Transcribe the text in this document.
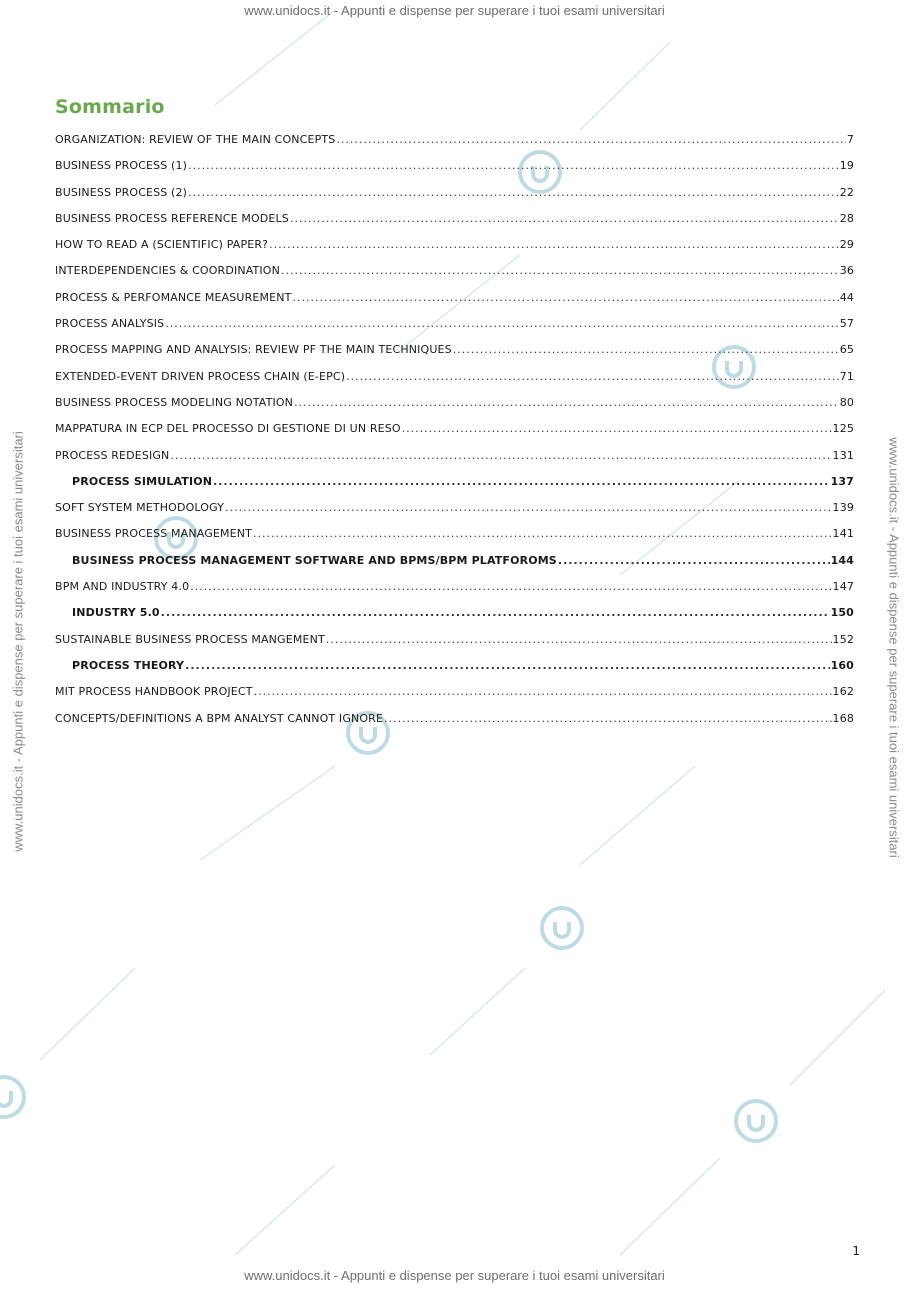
www.unidocs.it - Appunti e dispense per superare i tuoi esami universitari
www.unidocs.it - Appunti e dispense per superare i tuoi esami universitari
www.unidocs.it - Appunti e dispense per superare i tuoi esami universitari	www.unidocs.it - Appunti e dispense per superare i tuoi esami universitari
Sommario
ORGANIZATION: REVIEW OF THE MAIN CONCEPTS .....	7
BUSINESS PROCESS (1) .....	19
BUSINESS PROCESS (2) .....	22
BUSINESS PROCESS REFERENCE MODELS .....	28
HOW TO READ A (SCIENTIFIC) PAPER? .....	29
INTERDEPENDENCIES & COORDINATION .....	36
PROCESS & PERFOMANCE MEASUREMENT .....	44
PROCESS ANALYSIS .....	57
PROCESS MAPPING AND ANALYSIS: REVIEW PF THE MAIN TECHNIQUES .....	65
EXTENDED-EVENT DRIVEN PROCESS CHAIN (E-EPC) .....	71
BUSINESS PROCESS MODELING NOTATION .....	80
MAPPATURA IN ECP DEL PROCESSO DI GESTIONE DI UN RESO .....	125
PROCESS REDESIGN .....	131
PROCESS SIMULATION .....	137
SOFT SYSTEM METHODOLOGY .....	139
BUSINESS PROCESS MANAGEMENT .....	141
BUSINESS PROCESS MANAGEMENT SOFTWARE AND BPMS/BPM PLATFOROMS .....	144
BPM AND INDUSTRY 4.0 .....	147
INDUSTRY 5.0 .....	150
SUSTAINABLE BUSINESS PROCESS MANGEMENT .....	152
PROCESS THEORY .....	160
MIT PROCESS HANDBOOK PROJECT .....	162
CONCEPTS/DEFINITIONS A BPM ANALYST CANNOT IGNORE .....	168
1
